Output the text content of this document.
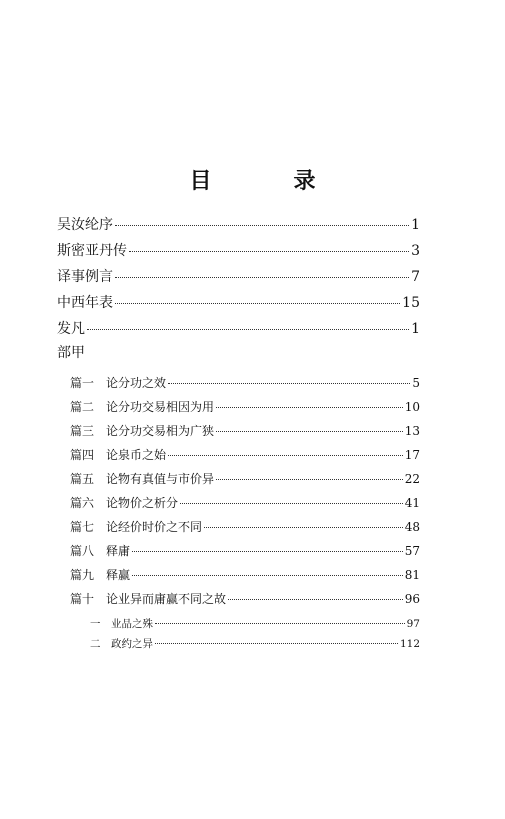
目　录
吴汝纶序	1
斯密亚丹传	3
译事例言	7
中西年表	15
发凡	1
部甲
篇一　论分功之效	5
篇二　论分功交易相因为用	10
篇三　论分功交易相为广狭	13
篇四　论泉币之始	17
篇五　论物有真值与市价异	22
篇六　论物价之析分	41
篇七　论经价时价之不同	48
篇八　释庸	57
篇九　释赢	81
篇十　论业异而庸赢不同之故	96
一　业品之殊	97
二　政约之异	112
